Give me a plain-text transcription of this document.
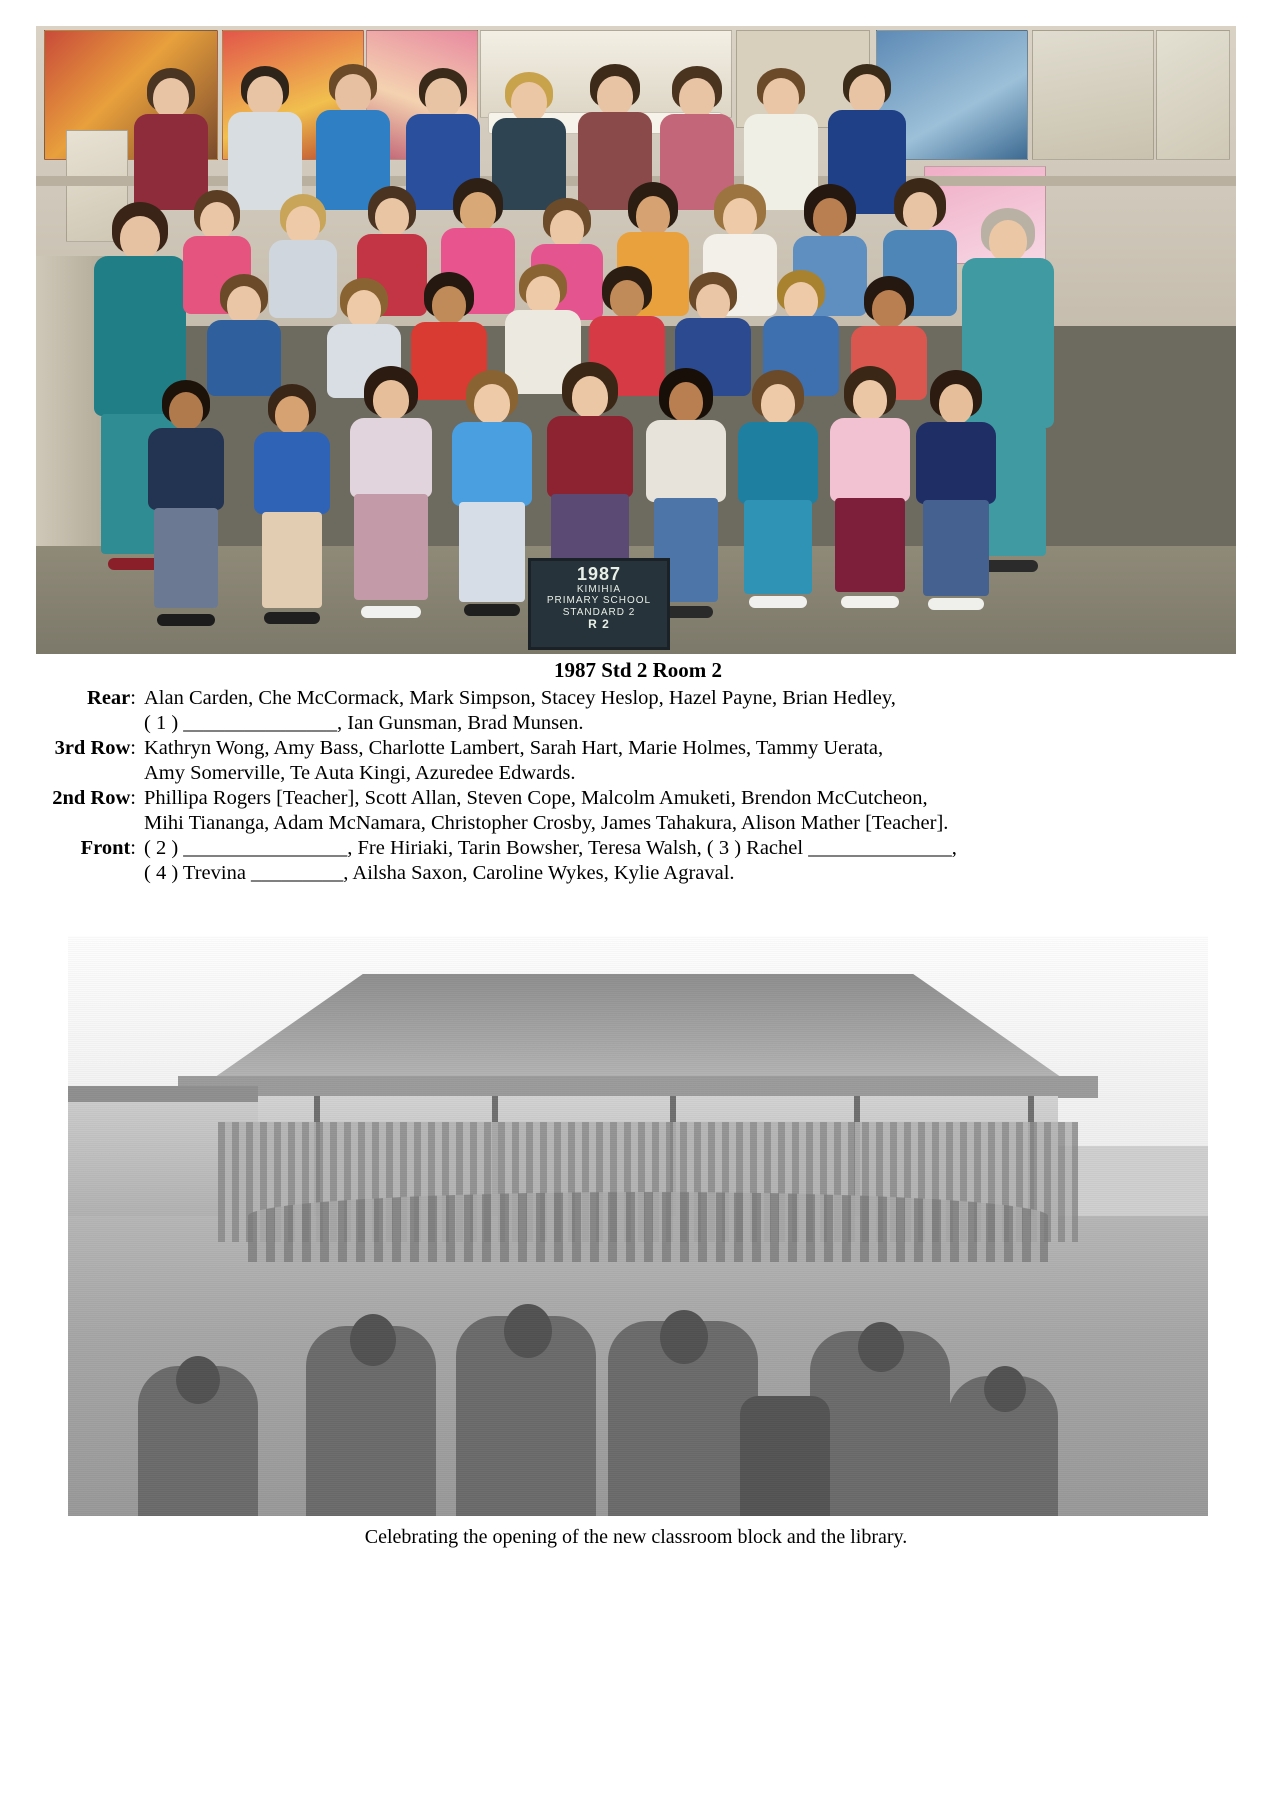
1987
KIMIHIA
PRIMARY SCHOOL
STANDARD 2
R 2
1987 Std 2 Room 2
Rear: Alan Carden, Che McCormack, Mark Simpson, Stacey Heslop, Hazel Payne, Brian Hedley,
( 1 ) _______________, Ian Gunsman, Brad Munsen.
3rd Row: Kathryn Wong, Amy Bass, Charlotte Lambert, Sarah Hart, Marie Holmes, Tammy Uerata,
Amy Somerville, Te Auta Kingi, Azuredee Edwards.
2nd Row: Phillipa Rogers [Teacher], Scott Allan, Steven Cope, Malcolm Amuketi, Brendon McCutcheon,
Mihi Tiananga, Adam McNamara, Christopher Crosby, James Tahakura, Alison Mather [Teacher].
Front: ( 2 ) ________________, Fre Hiriaki, Tarin Bowsher, Teresa Walsh, ( 3 ) Rachel ______________,
( 4 ) Trevina _________, Ailsha Saxon, Caroline Wykes, Kylie Agraval.
Celebrating the opening of the new classroom block and the library.
